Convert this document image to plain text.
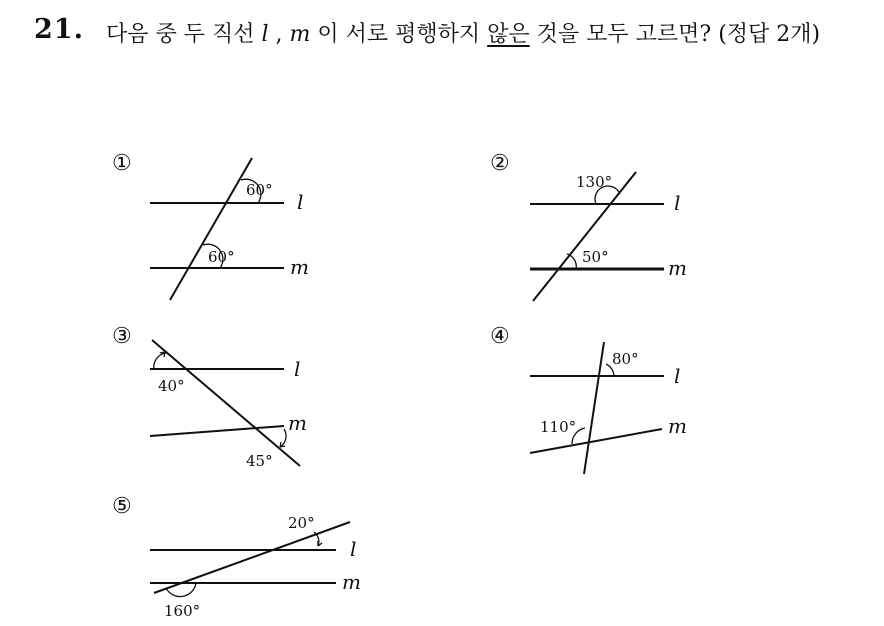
21. 다음 중 두 직선 l , m 이 서로 평행하지 않은 것을 모두 고르면? (정답 2개)
①
60°
60°
l
m
②
130°
50°
l
m
③
40°
45°
l
m
④
80°
110°
l
m
⑤
20°
160°
l
m
